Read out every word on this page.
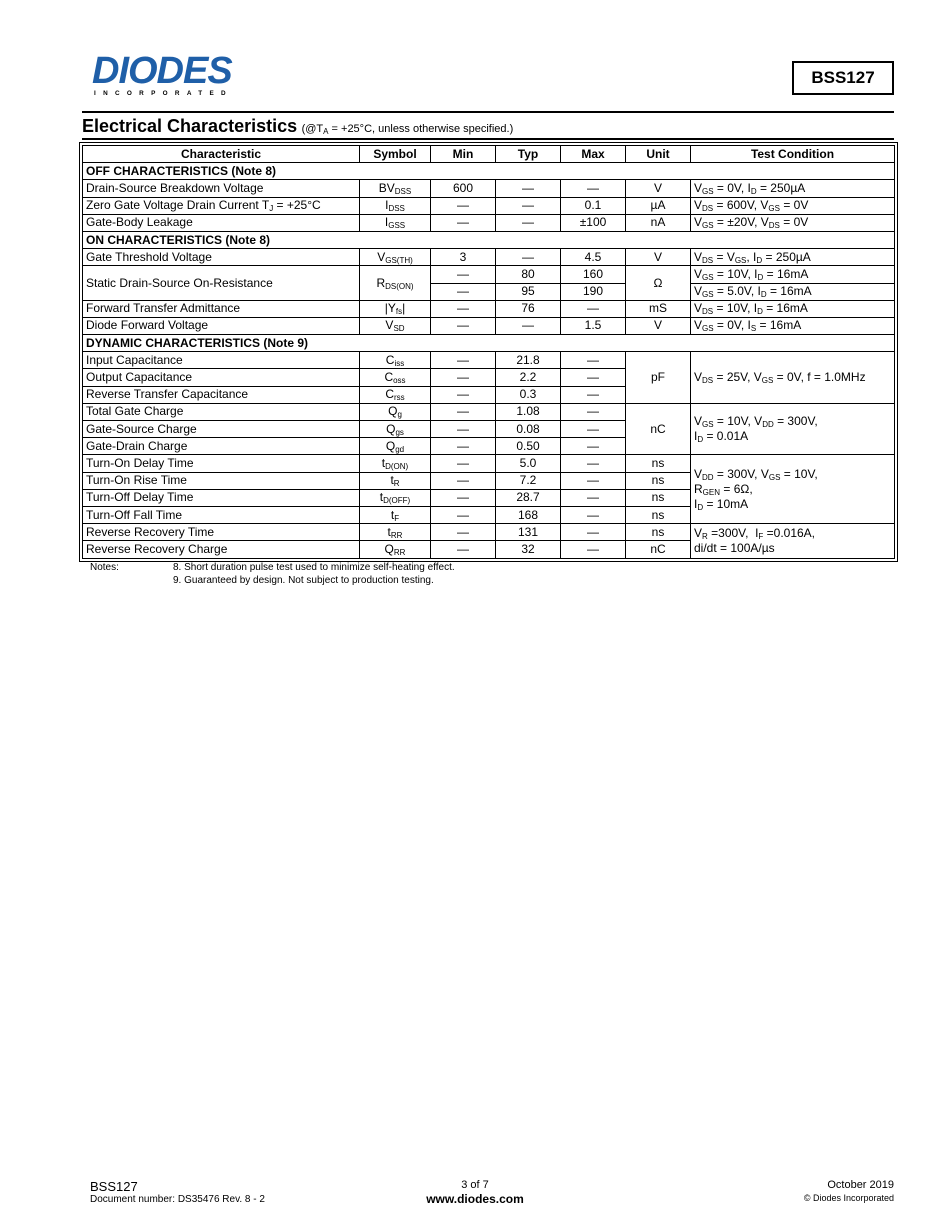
DIODES
INCORPORATED
BSS127
Electrical Characteristics ($@T_A = +25^\circ C$, unless otherwise specified.)
Characteristic	Symbol	Min	Typ	Max	Unit	Test Condition
OFF CHARACTERISTICS (Note 8)						
Drain-Source Breakdown Voltage	$BV_{DSS}$	600	—	—	V	$V_{GS} = 0V$, $I_D = 250\mu A$
Zero Gate Voltage Drain Current $T_J = +25^\circ C$	$I_{DSS}$	—	—	0.1	µA	$V_{DS} = 600V$, $V_{GS} = 0V$
Gate-Body Leakage	$I_{GSS}$	—	—	±100	nA	$V_{GS} = \pm 20V$, $V_{DS} = 0V$
ON CHARACTERISTICS (Note 8)						
Gate Threshold Voltage	$V_{GS(TH)}$	3	—	4.5	V	$V_{DS} = V_{GS}$, $I_D = 250\mu A$
Static Drain-Source On-Resistance	$R_{DS(ON)}$	—	80	160	Ω	$V_{GS} = 10V$, $I_D = 16mA$
		—	95	190		$V_{GS} = 5.0V$, $I_D = 16mA$
Forward Transfer Admittance	$|Y_{fs}|$	—	76	—	mS	$V_{DS} = 10V$, $I_D = 16mA$
Diode Forward Voltage	$V_{SD}$	—	—	1.5	V	$V_{GS} = 0V$, $I_S = 16mA$
DYNAMIC CHARACTERISTICS (Note 9)						
Input Capacitance	$C_{iss}$	—	21.8	—	pF	$V_{DS} = 25V$, $V_{GS} = 0V$, f = 1.0MHz
Output Capacitance	$C_{oss}$	—	2.2	—		
Reverse Transfer Capacitance	$C_{rss}$	—	0.3	—		
Total Gate Charge	$Q_g$	—	1.08	—	nC	$V_{GS} = 10V$, $V_{DD} = 300V$,
$I_D = 0.01A$
Gate-Source Charge	$Q_{gs}$	—	0.08	—		
Gate-Drain Charge	$Q_{gd}$	—	0.50	—		
Turn-On Delay Time	$t_{D(ON)}$	—	5.0	—	ns	$V_{DD} = 300V$, $V_{GS} = 10V$,
$R_{GEN} = 6\Omega$,
$I_D = 10mA$
Turn-On Rise Time	$t_R$	—	7.2	—	ns	
Turn-Off Delay Time	$t_{D(OFF)}$	—	28.7	—	ns	
Turn-Off Fall Time	$t_F$	—	168	—	ns	
Reverse Recovery Time	$t_{RR}$	—	131	—	ns	$V_R =300V$,  $I_F =0.016A$,
di/dt = 100A/µs
Reverse Recovery Charge	$Q_{RR}$	—	32	—	nC	
Notes:	8. Short duration pulse test used to minimize self-heating effect.
9. Guaranteed by design. Not subject to production testing.
BSS127
Document number: DS35476 Rev. 8 - 2
3 of 7
www.diodes.com
October 2019
© Diodes Incorporated
